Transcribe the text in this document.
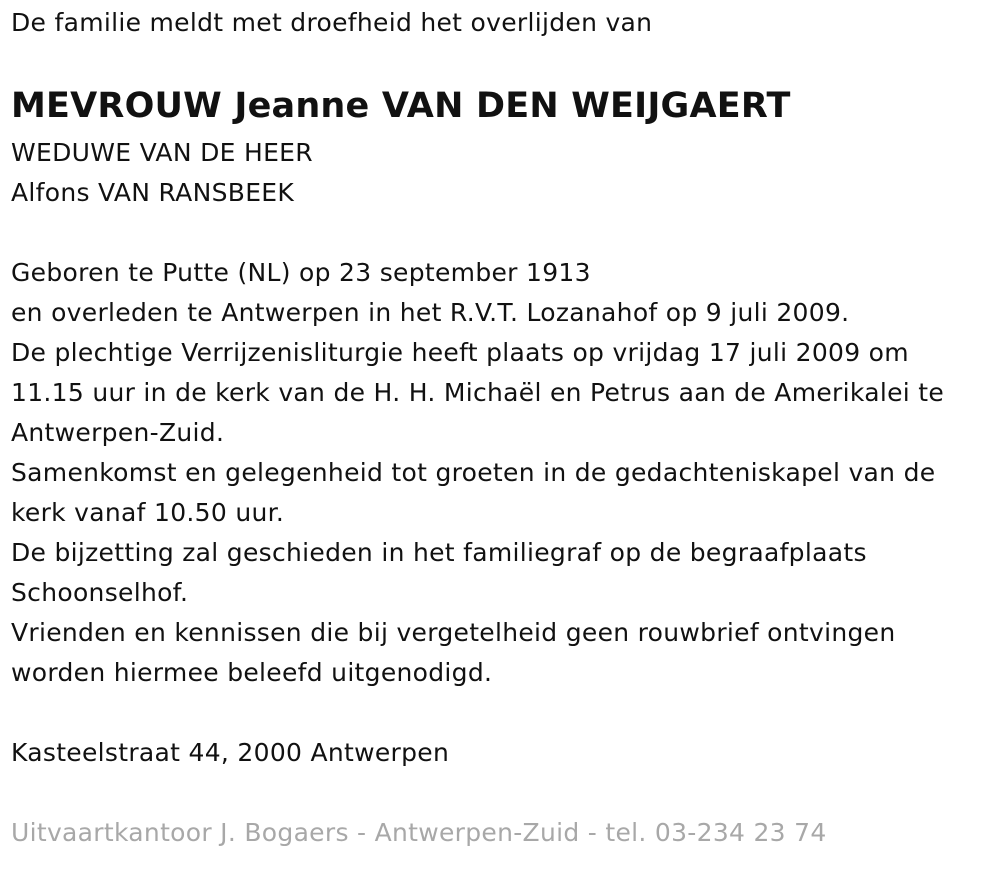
De familie meldt met droefheid het overlijden van
MEVROUW Jeanne VAN DEN WEIJGAERT
WEDUWE VAN DE HEER
Alfons VAN RANSBEEK
Geboren te Putte (NL) op 23 september 1913
en overleden te Antwerpen in het R.V.T. Lozanahof op 9 juli 2009.
De plechtige Verrijzenisliturgie heeft plaats op vrijdag 17 juli 2009 om
11.15 uur in de kerk van de H. H. Michaël en Petrus aan de Amerikalei te
Antwerpen-Zuid.
Samenkomst en gelegenheid tot groeten in de gedachteniskapel van de
kerk vanaf 10.50 uur.
De bijzetting zal geschieden in het familiegraf op de begraafplaats
Schoonselhof.
Vrienden en kennissen die bij vergetelheid geen rouwbrief ontvingen
worden hiermee beleefd uitgenodigd.
Kasteelstraat 44, 2000 Antwerpen
Uitvaartkantoor J. Bogaers - Antwerpen-Zuid - tel. 03-234 23 74
